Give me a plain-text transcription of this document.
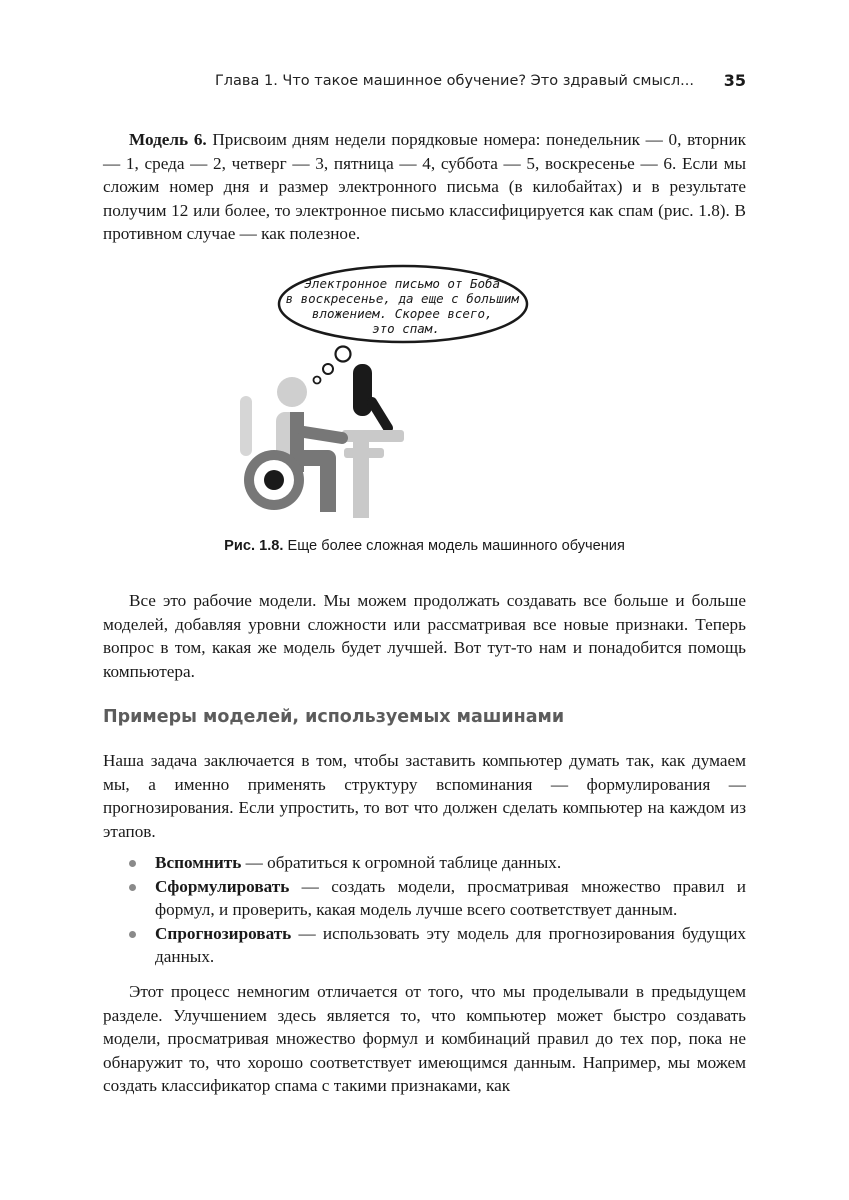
Глава 1. Что такое машинное обучение? Это здравый смысл... 35

Модель 6. Присвоим дням недели порядковые номера: понедельник — 0, вторник — 1, среда — 2, четверг — 3, пятница — 4, суббота — 5, воскресенье — 6. Если мы сложим номер дня и размер электронного письма (в килобайтах) и в результате получим 12 или более, то электронное письмо классифицируется как спам (рис. 1.8). В противном случае — как полезное.

Электронное письмо от Боба в воскресенье, да еще с большим вложением. Скорее всего, это спам.
Рис. 1.8. Еще более сложная модель машинного обучения

Все это рабочие модели. Мы можем продолжать создавать все больше и больше моделей, добавляя уровни сложности или рассматривая все новые признаки. Теперь вопрос в том, какая же модель будет лучшей. Вот тут-то нам и понадобится помощь компьютера.

Примеры моделей, используемых машинами

Наша задача заключается в том, чтобы заставить компьютер думать так, как думаем мы, а именно применять структуру вспоминания — формулирования — прогнозирования. Если упростить, то вот что должен сделать компьютер на каждом из этапов.

Вспомнить — обратиться к огромной таблице данных.
Сформулировать — создать модели, просматривая множество правил и формул, и проверить, какая модель лучше всего соответствует данным.
Спрогнозировать — использовать эту модель для прогнозирования будущих данных.

Этот процесс немногим отличается от того, что мы проделывали в предыдущем разделе. Улучшением здесь является то, что компьютер может быстро создавать модели, просматривая множество формул и комбинаций правил до тех пор, пока не обнаружит то, что хорошо соответствует имеющимся данным. Например, мы можем создать классификатор спама с такими признаками, как
